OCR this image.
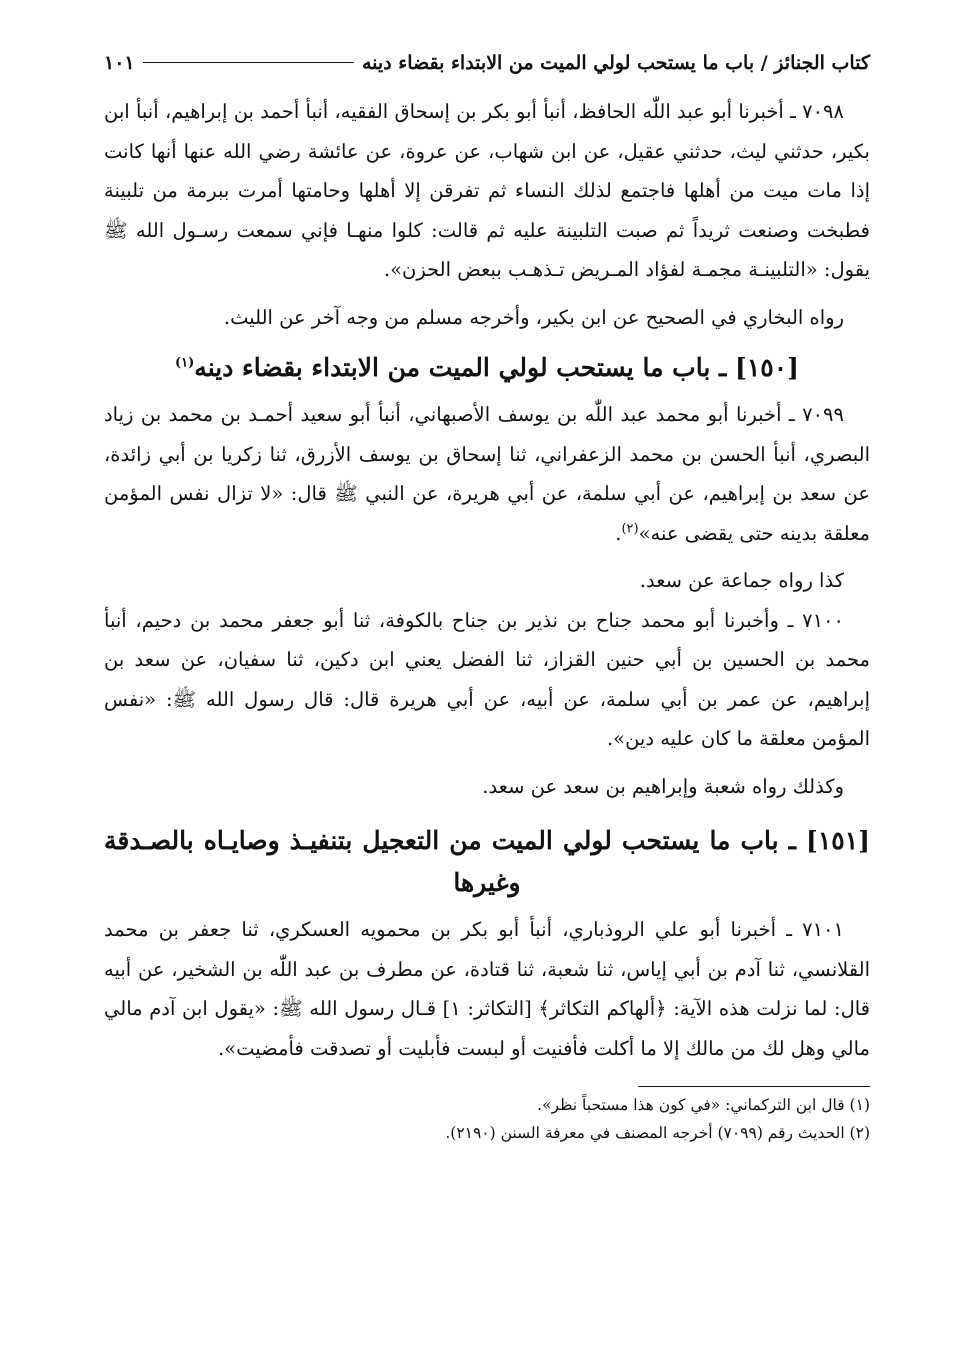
كتاب الجنائز / باب ما يستحب لولي الميت من الابتداء بقضاء دينه
١٠١

٧٠٩٨ ـ أخبرنا أبو عبد اللّٰه الحافظ، أنبأ أبو بكر بن إسحاق الفقيه، أنبأ أحمد بن إبراهيم، أنبأ ابن بكير، حدثني ليث، حدثني عقيل، عن ابن شهاب، عن عروة، عن عائشة رضي الله عنها أنها كانت إذا مات ميت من أهلها فاجتمع لذلك النساء ثم تفرقن إلا أهلها وحامتها أمرت ببرمة من تلبينة فطبخت وصنعت ثريداً ثم صبت التلبينة عليه ثم قالت: كلوا منهـا فإني سمعت رسـول الله ﷺ يقول: «التلبينـة مجمـة لفؤاد المـريض تـذهـب ببعض الحزن».

رواه البخاري في الصحيح عن ابن بكير، وأخرجه مسلم من وجه آخر عن الليث.

[١٥٠] ـ باب ما يستحب لولي الميت من الابتداء بقضاء دينه$^{(١)}$

٧٠٩٩ ـ أخبرنا أبو محمد عبد اللّٰه بن يوسف الأصبهاني، أنبأ أبو سعيد أحمـد بن محمد بن زياد البصري، أنبأ الحسن بن محمد الزعفراني، ثنا إسحاق بن يوسف الأزرق، ثنا زكريا بن أبي زائدة، عن سعد بن إبراهيم، عن أبي سلمة، عن أبي هريرة، عن النبي ﷺ قال: «لا تزال نفس المؤمن معلقة بدينه حتى يقضى عنه»$^{(٢)}$.

كذا رواه جماعة عن سعد.

٧١٠٠ ـ وأخبرنا أبو محمد جناح بن نذير بن جناح بالكوفة، ثنا أبو جعفر محمد بن دحيم، أنبأ محمد بن الحسين بن أبي حنين القزاز، ثنا الفضل يعني ابن دكين، ثنا سفيان، عن سعد بن إبراهيم، عن عمر بن أبي سلمة، عن أبيه، عن أبي هريرة قال: قال رسول الله ﷺ: «نفس المؤمن معلقة ما كان عليه دين».

وكذلك رواه شعبة وإبراهيم بن سعد عن سعد.

[١٥١] ـ باب ما يستحب لولي الميت من التعجيل بتنفيـذ وصايـاه بالصـدقة وغيرها

٧١٠١ ـ أخبرنا أبو علي الروذباري، أنبأ أبو بكر بن محمويه العسكري، ثنا جعفر بن محمد القلانسي، ثنا آدم بن أبي إياس، ثنا شعبة، ثنا قتادة، عن مطرف بن عبد اللّٰه بن الشخير، عن أبيه قال: لما نزلت هذه الآية: ﴿ألهاكم التكاثر﴾ [التكاثر: ١] قـال رسول الله ﷺ: «يقول ابن آدم مالي مالي وهل لك من مالك إلا ما أكلت فأفنيت أو لبست فأبليت أو تصدقت فأمضيت».

(١) قال ابن التركماني: «في كون هذا مستحباً نظر».

(٢) الحديث رقم (٧٠٩٩) أخرجه المصنف في معرفة السنن (٢١٩٠).
